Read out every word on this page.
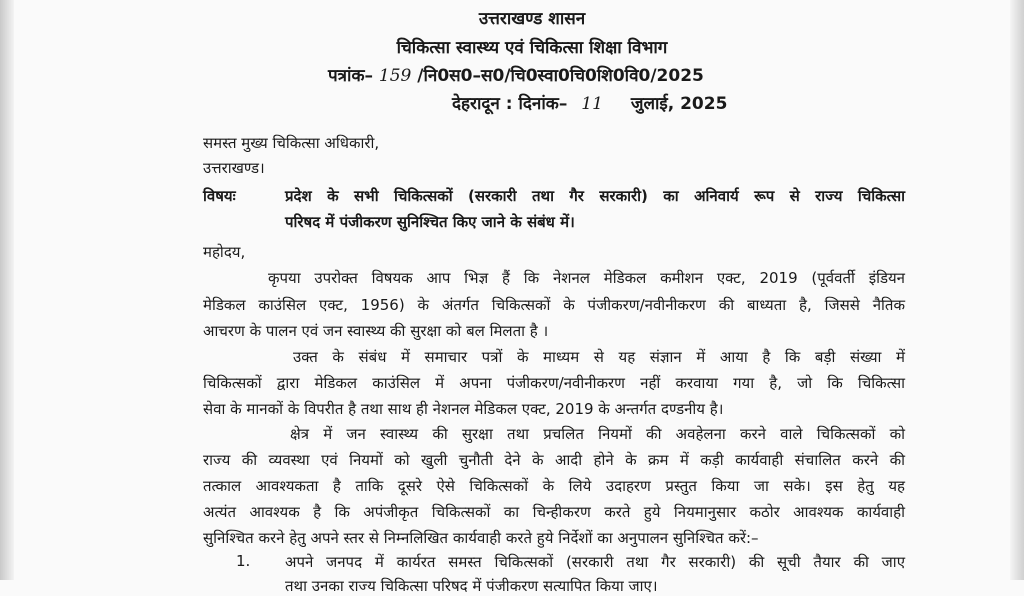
उत्तराखण्ड शासन
चिकित्सा स्वास्थ्य एवं चिकित्सा शिक्षा विभाग
पत्रांक– 159 /नि0स0–स0/चि0स्वा0चि0शि0वि0/2025
देहरादून : दिनांक– 11 जुलाई, 2025
समस्त मुख्य चिकित्सा अधिकारी,
उत्तराखण्ड।
विषयः	प्रदेश के सभी चिकित्सकों (सरकारी तथा गैर सरकारी) का अनिवार्य रूप से राज्य चिकित्सा
परिषद में पंजीकरण सुनिश्चित किए जाने के संबंध में।
महोदय,
कृपया उपरोक्त विषयक आप भिज्ञ हैं कि नेशनल मेडिकल कमीशन एक्ट, 2019 (पूर्ववर्ती इंडियन
मेडिकल काउंसिल एक्ट, 1956) के अंतर्गत चिकित्सकों के पंजीकरण/नवीनीकरण की बाध्यता है, जिससे नैतिक
आचरण के पालन एवं जन स्वास्थ्य की सुरक्षा को बल मिलता है ।
उक्त के संबंध में समाचार पत्रों के माध्यम से यह संज्ञान में आया है कि बड़ी संख्या में
चिकित्सकों द्वारा मेडिकल काउंसिल में अपना पंजीकरण/नवीनीकरण नहीं करवाया गया है, जो कि चिकित्सा
सेवा के मानकों के विपरीत है तथा साथ ही नेशनल मेडिकल एक्ट, 2019 के अन्तर्गत दण्डनीय है।
क्षेत्र में जन स्वास्थ्य की सुरक्षा तथा प्रचलित नियमों की अवहेलना करने वाले चिकित्सकों को
राज्य की व्यवस्था एवं नियमों को खुली चुनौती देने के आदी होने के क्रम में कड़ी कार्यवाही संचालित करने की
तत्काल आवश्यकता है ताकि दूसरे ऐसे चिकित्सकों के लिये उदाहरण प्रस्तुत किया जा सके। इस हेतु यह
अत्यंत आवश्यक है कि अपंजीकृत चिकित्सकों का चिन्हीकरण करते हुये नियमानुसार कठोर आवश्यक कार्यवाही
सुनिश्चित करने हेतु अपने स्तर से निम्नलिखित कार्यवाही करते हुये निर्देशों का अनुपालन सुनिश्चित करें:–
1. अपने जनपद में कार्यरत समस्त चिकित्सकों (सरकारी तथा गैर सरकारी) की सूची तैयार की जाए
तथा उनका राज्य चिकित्सा परिषद में पंजीकरण सत्यापित किया जाए।
